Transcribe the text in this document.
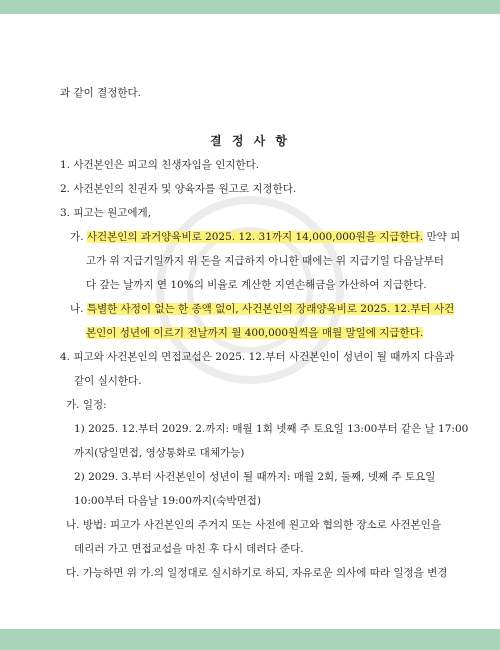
과 같이 결정한다.
결 정 사 항
1. 사건본인은 피고의 친생자임을 인지한다.
2. 사건본인의 친권자 및 양육자를 원고로 지정한다.
3. 피고는 원고에게,
가. 사건본인의 과거양육비로 2025. 12. 31까지 14,000,000원을 지급한다. 만약 피
고가 위 지급기일까지 위 돈을 지급하지 아니한 때에는 위 지급기일 다음날부터
다 갚는 날까지 연 10%의 비율로 계산한 지연손해금을 가산하여 지급한다.
나. 특별한 사정이 없는 한 종액 없이, 사건본인의 장래양육비로 2025. 12.부터 사건
본인이 성년에 이르기 전날까지 월 400,000원씩을 매월 말일에 지급한다.
4. 피고와 사건본인의 면접교섭은 2025. 12.부터 사건본인이 성년이 될 때까지 다음과
같이 실시한다.
가. 일정:
1) 2025. 12.부터 2029. 2.까지: 매월 1회 넷째 주 토요일 13:00부터 같은 날 17:00
까지(당일면접, 영상통화로 대체가능)
2) 2029. 3.부터 사건본인이 성년이 될 때까지: 매월 2회, 둘째, 넷째 주 토요일
10:00부터 다음날 19:00까지(숙박면접)
나. 방법: 피고가 사건본인의 주거지 또는 사전에 원고와 협의한 장소로 사건본인을
데리러 가고 면접교섭을 마친 후 다시 데려다 준다.
다. 가능하면 위 가.의 일정대로 실시하기로 하되, 자유로운 의사에 따라 일정을 변경
